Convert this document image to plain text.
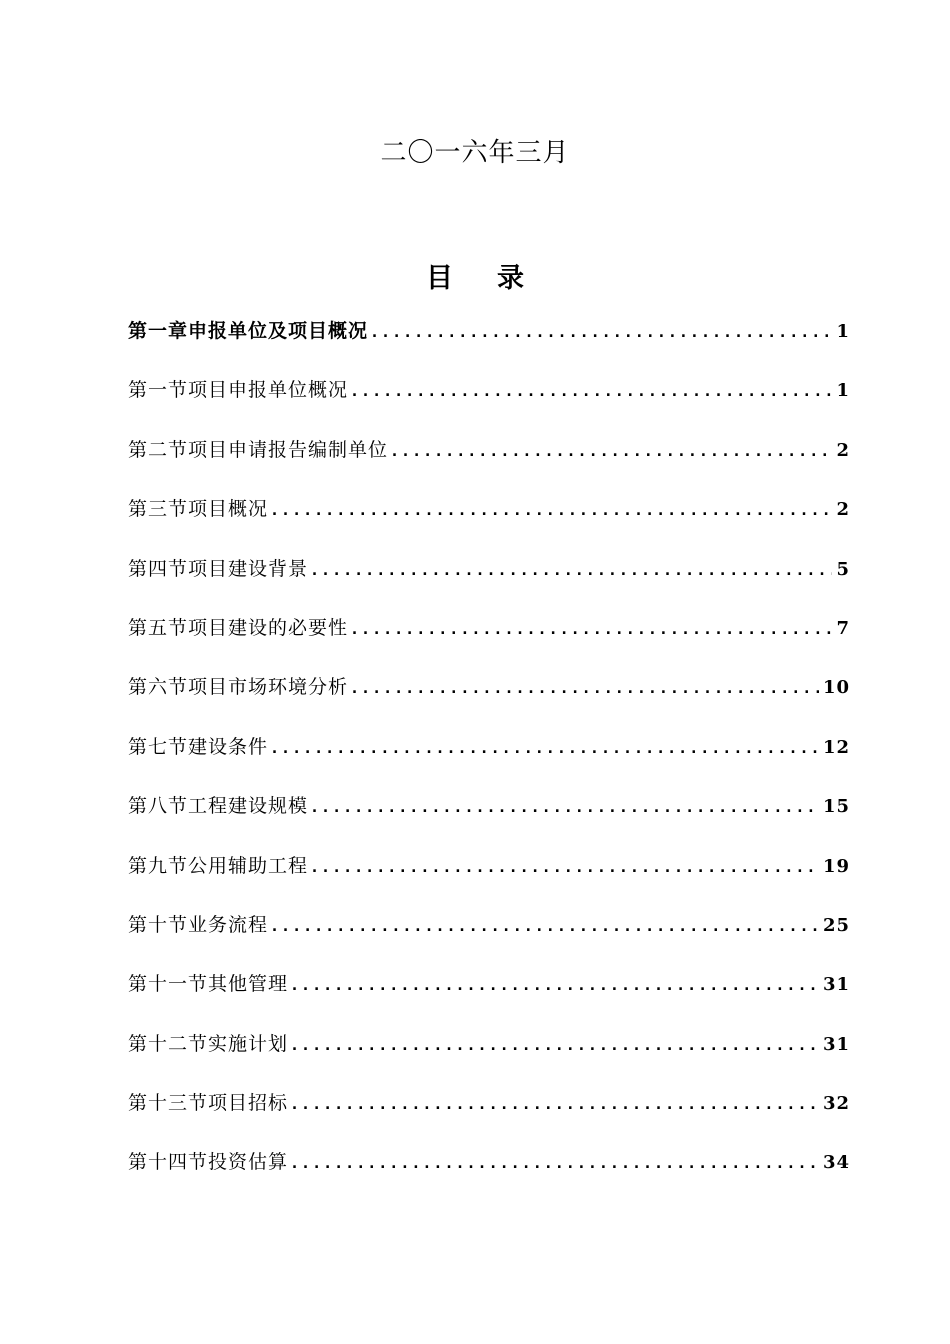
二〇一六年三月
目 录
第一章 申报单位及项目概况 .....	1
第一节 项目申报单位概况 .....	1
第二节 项目申请报告编制单位 .....	2
第三节 项目概况 .....	2
第四节 项目建设背景 .....	5
第五节 项目建设的必要性 .....	7
第六节 项目市场环境分析 .....	10
第七节 建设条件 .....	12
第八节 工程建设规模 .....	15
第九节 公用辅助工程 .....	19
第十节 业务流程 .....	25
第十一节 其他管理 .....	31
第十二节 实施计划 .....	31
第十三节 项目招标 .....	32
第十四节 投资估算 .....	34
